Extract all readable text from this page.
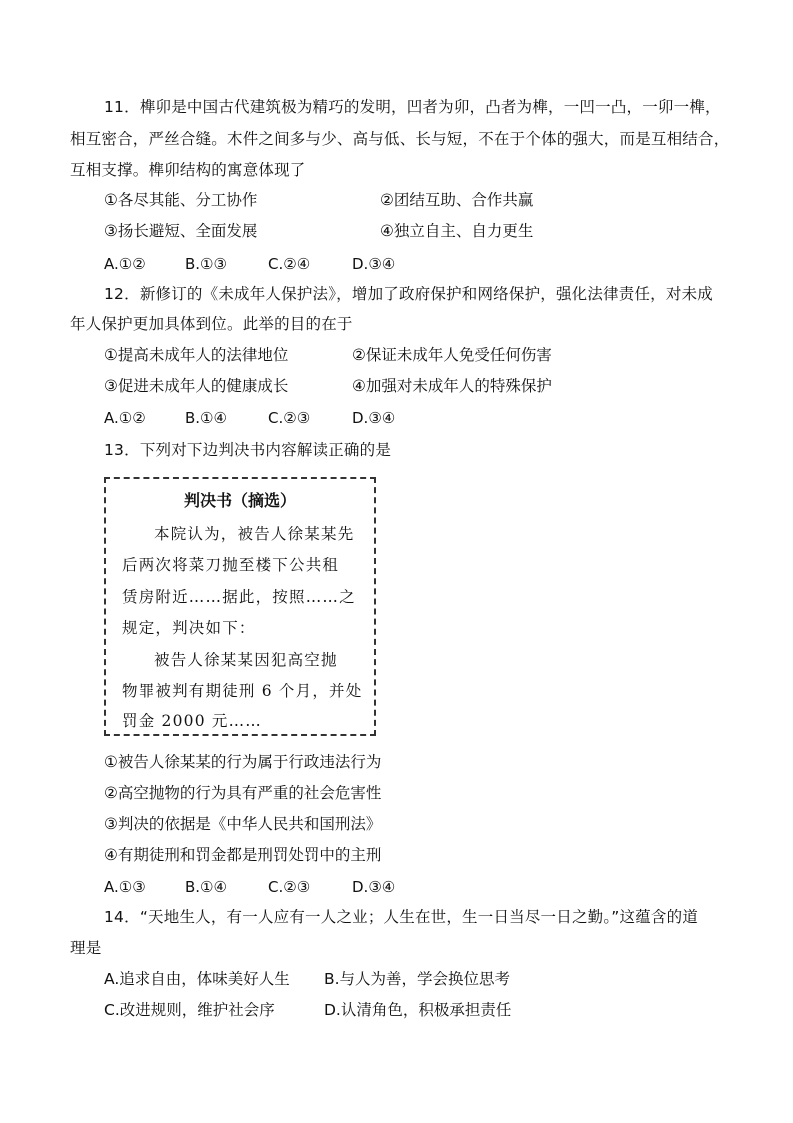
11．榫卯是中国古代建筑极为精巧的发明，凹者为卯，凸者为榫，一凹一凸，一卯一榫，
相互密合，严丝合缝。木件之间多与少、高与低、长与短，不在于个体的强大，而是互相结合，
互相支撑。榫卯结构的寓意体现了
①各尽其能、分工协作	②团结互助、合作共赢
③扬长避短、全面发展	④独立自主、自力更生
A.①②	B.①③	C.②④	D.③④
12．新修订的《未成年人保护法》，增加了政府保护和网络保护，强化法律责任，对未成
年人保护更加具体到位。此举的目的在于
①提高未成年人的法律地位	②保证未成年人免受任何伤害
③促进未成年人的健康成长	④加强对未成年人的特殊保护
A.①②	B.①④	C.②③	D.③④
13．下列对下边判决书内容解读正确的是
判决书（摘选）
本院认为，被告人徐某某先
后两次将菜刀抛至楼下公共租
赁房附近……据此，按照……之
规定，判决如下：
被告人徐某某因犯高空抛
物罪被判有期徒刑 6 个月，并处
罚金 2000 元……
①被告人徐某某的行为属于行政违法行为
②高空抛物的行为具有严重的社会危害性
③判决的依据是《中华人民共和国刑法》
④有期徒刑和罚金都是刑罚处罚中的主刑
A.①③	B.①④	C.②③	D.③④
14．“天地生人，有一人应有一人之业；人生在世，生一日当尽一日之勤。”这蕴含的道
理是
A.追求自由，体味美好人生 B.与人为善，学会换位思考
C.改进规则，维护社会序	D.认清角色，积极承担责任
